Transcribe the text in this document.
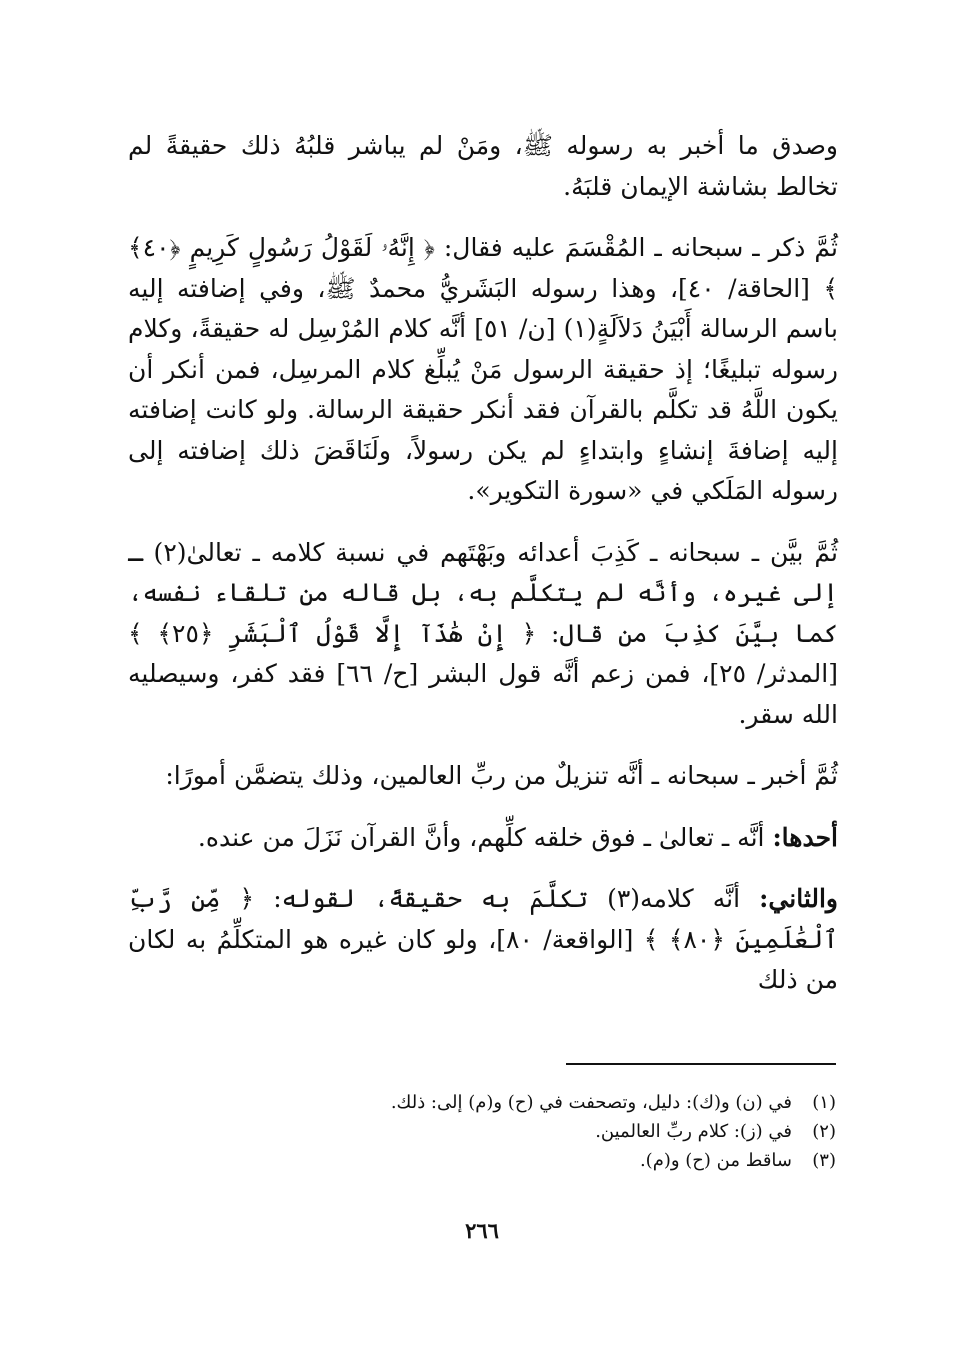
وصدق ما أخبر به رسوله ﷺ، ومَنْ لم يباشر قلبُهُ ذلك حقيقةً لم تخالط بشاشة الإيمان قلبَهُ.

ثُمَّ ذكر ـ سبحانه ـ المُقْسَمَ عليه فقال: ﴿ إِنَّهُۥ لَقَوْلُ رَسُولٍ كَرِيمٍ ﴿٤٠﴾ ﴾ [الحاقة/ ٤٠]، وهذا رسوله البَشَريُّ محمدٌ ﷺ، وفي إضافته إليه باسم الرسالة أَبْيَنُ دَلاَلَةٍ(١) [ن/ ٥١] أنَّه كلام المُرْسِل له حقيقةً، وكلام رسوله تبليغًا؛ إذ حقيقة الرسول مَنْ يُبلِّغ كلام المرسِل، فمن أنكر أن يكون اللَّهُ قد تكلَّم بالقرآن فقد أنكر حقيقة الرسالة. ولو كانت إضافته إليه إضافةَ إنشاءٍ وابتداءٍ لم يكن رسولاً، ولَنَاقَضَ ذلك إضافته إلى رسوله المَلَكي في «سورة التكوير».

ثُمَّ بيَّن ـ سبحانه ـ كَذِبَ أعدائه وبَهْتَهم في نسبة كلامه ـ تعالىٰ(٢) ـ إلى غيره، وأنَّه لم يتكلَّم به، بل قاله من تلقاء نفسه، كما بيَّنَ كذِبَ من قال: ﴿ إِنْ هَٰذَآ إِلَّا قَوْلُ ٱلْبَشَرِ ﴿٢٥﴾ ﴾ [المدثر/ ٢٥]، فمن زعم أنَّه قول البشر [ح/ ٦٦] فقد كفر، وسيصليه الله سقر.

ثُمَّ أخبر ـ سبحانه ـ أنَّه تنزيلٌ من ربِّ العالمين، وذلك يتضمَّن أمورًا:

أحدها: أنَّه ـ تعالىٰ ـ فوق خلقه كلِّهم، وأنَّ القرآن نَزَلَ من عنده.

والثاني: أنَّه كلامه(٣) تكلَّمَ به حقيقةً، لقوله: ﴿ مِّن رَّبِّ ٱلْعَٰلَمِينَ ﴿٨٠﴾ ﴾ [الواقعة/ ٨٠]، ولو كان غيره هو المتكلِّمُ به لكان من ذلك

(١)في (ن) و(ك): دليل، وتصحفت في (ح) و(م) إلى: ذلك.

(٢)في (ز): كلام ربِّ العالمين.

(٣)ساقط من (ح) و(م).

٢٦٦
